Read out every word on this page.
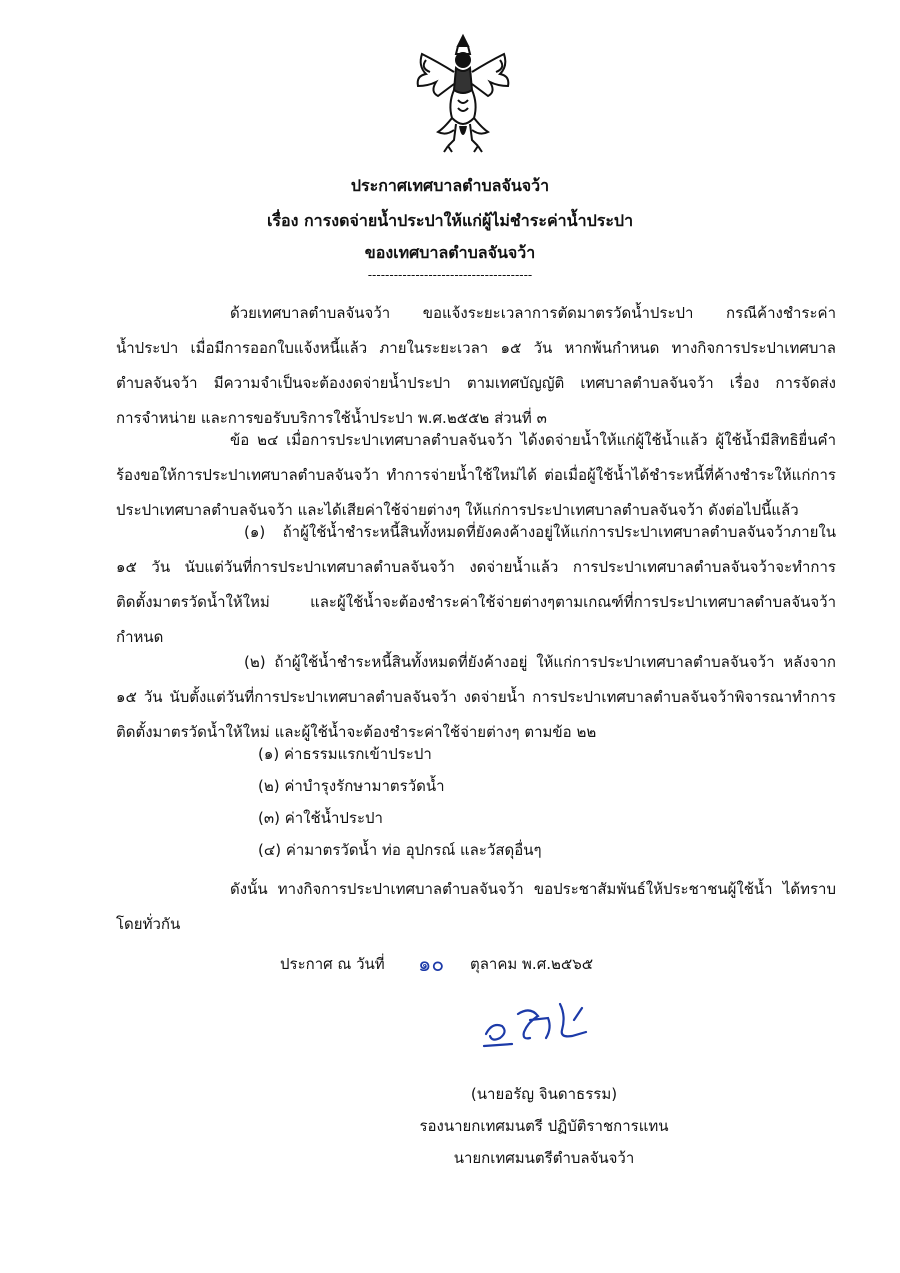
ประกาศเทศบาลตำบลจันจว้า
เรื่อง การงดจ่ายน้ำประปาให้แก่ผู้ไม่ชำระค่าน้ำประปา
ของเทศบาลตำบลจันจว้า
--------------------------------------
ด้วยเทศบาลตำบลจันจว้า ขอแจ้งระยะเวลาการตัดมาตรวัดน้ำประปา กรณีค้างชำระค่า
น้ำประปา เมื่อมีการออกใบแจ้งหนี้แล้ว ภายในระยะเวลา ๑๕ วัน หากพ้นกำหนด ทางกิจการประปาเทศบาล
ตำบลจันจว้า มีความจำเป็นจะต้องงดจ่ายน้ำประปา ตามเทศบัญญัติ เทศบาลตำบลจันจว้า เรื่อง การจัดส่ง
การจำหน่าย และการขอรับบริการใช้น้ำประปา พ.ศ.๒๕๕๒ ส่วนที่ ๓
ข้อ ๒๔ เมื่อการประปาเทศบาลตำบลจันจว้า ได้งดจ่ายน้ำให้แก่ผู้ใช้น้ำแล้ว ผู้ใช้น้ำมีสิทธิยื่นคำ
ร้องขอให้การประปาเทศบาลตำบลจันจว้า ทำการจ่ายน้ำใช้ใหม่ได้ ต่อเมื่อผู้ใช้น้ำได้ชำระหนี้ที่ค้างชำระให้แก่การ
ประปาเทศบาลตำบลจันจว้า และได้เสียค่าใช้จ่ายต่างๆ ให้แก่การประปาเทศบาลตำบลจันจว้า ดังต่อไปนี้แล้ว
(๑) ถ้าผู้ใช้น้ำชำระหนี้สินทั้งหมดที่ยังคงค้างอยู่ให้แก่การประปาเทศบาลตำบลจันจว้าภายใน
๑๕ วัน นับแต่วันที่การประปาเทศบาลตำบลจันจว้า งดจ่ายน้ำแล้ว การประปาเทศบาลตำบลจันจว้าจะทำการ
ติดตั้งมาตรวัดน้ำให้ใหม่ และผู้ใช้น้ำจะต้องชำระค่าใช้จ่ายต่างๆตามเกณฑ์ที่การประปาเทศบาลตำบลจันจว้า
กำหนด
(๒) ถ้าผู้ใช้น้ำชำระหนี้สินทั้งหมดที่ยังค้างอยู่ ให้แก่การประปาเทศบาลตำบลจันจว้า หลังจาก
๑๕ วัน นับตั้งแต่วันที่การประปาเทศบาลตำบลจันจว้า งดจ่ายน้ำ การประปาเทศบาลตำบลจันจว้าพิจารณาทำการ
ติดตั้งมาตรวัดน้ำให้ใหม่ และผู้ใช้น้ำจะต้องชำระค่าใช้จ่ายต่างๆ ตามข้อ ๒๒
(๑) ค่าธรรมแรกเข้าประปา
(๒) ค่าบำรุงรักษามาตรวัดน้ำ
(๓) ค่าใช้น้ำประปา
(๔) ค่ามาตรวัดน้ำ ท่อ อุปกรณ์ และวัสดุอื่นๆ
ดังนั้น ทางกิจการประปาเทศบาลตำบลจันจว้า ขอประชาสัมพันธ์ให้ประชาชนผู้ใช้น้ำ ได้ทราบ
โดยทั่วกัน
ประกาศ ณ วันที่ ๑๐ ตุลาคม พ.ศ.๒๕๖๕
(นายอรัญ จินดาธรรม)
รองนายกเทศมนตรี ปฏิบัติราชการแทน
นายกเทศมนตรีตำบลจันจว้า
